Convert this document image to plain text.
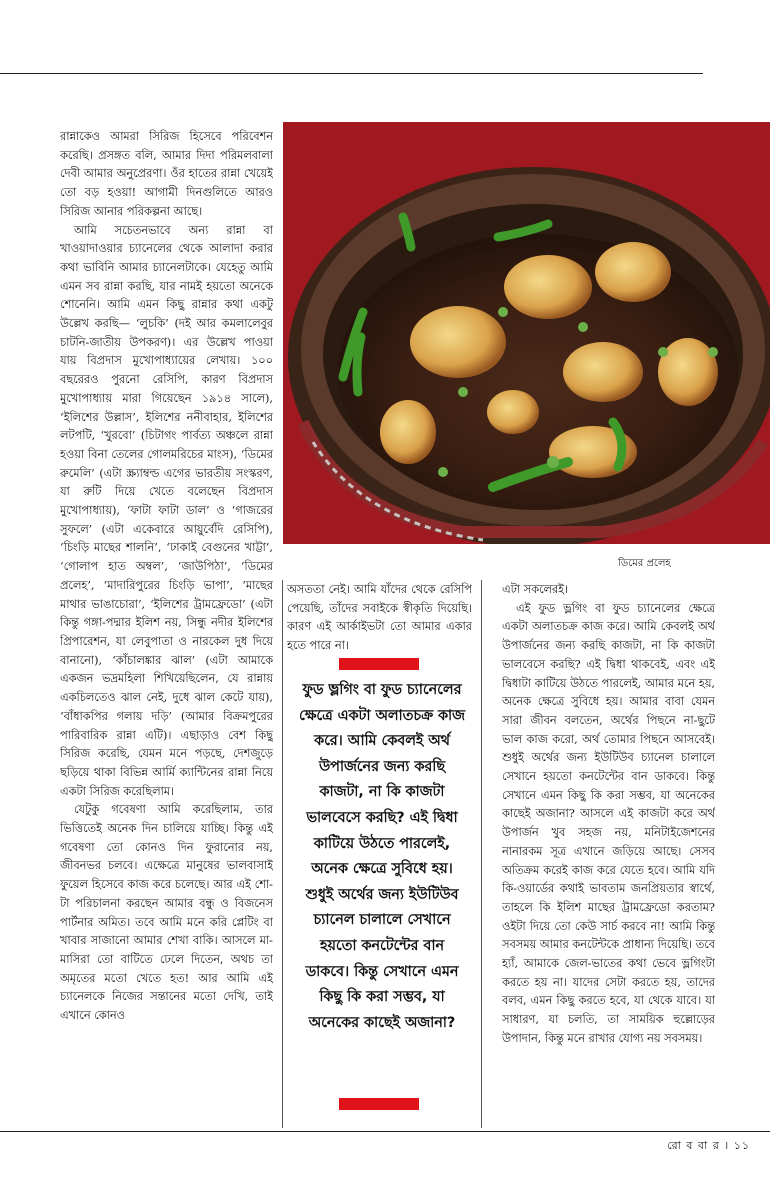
রান্নাকেও আমরা সিরিজ হিসেবে পরিবেশন করেছি। প্রসঙ্গত বলি, আমার দিদা পরিমলবালা দেবী আমার অনুপ্রেরণা। ওঁর হাতের রান্না খেয়েই তো বড় হওয়া! আগামী দিনগুলিতে আরও সিরিজ আনার পরিকল্পনা আছে।

আমি সচেতনভাবে অন্য রান্না বা খাওয়াদাওয়ার চ্যানেলের থেকে আলাদা করার কথা ভাবিনি আমার চ্যানেলটাকে। যেহেতু আমি এমন সব রান্না করছি, যার নামই হয়তো অনেকে শোনেনি। আমি এমন কিছু রান্নার কথা একটু উল্লেখ করছি— ‘লুচকি’ (দই আর কমলালেবুর চাটনি-জাতীয় উপকরণ)। এর উল্লেখ পাওয়া যায় বিপ্রদাস মুখোপাধ্যায়ের লেখায়। ১০০ বছরেরও পুরনো রেসিপি, কারণ বিপ্রদাস মুখোপাধ্যায় মারা গিয়েছেন ১৯১৪ সালে), ‘ইলিশের উল্লাস’, ইলিশের ননীবাহার, ইলিশের লটপটি, ‘খুরবো’ (চিটাগং পার্বত্য অঞ্চলে রান্না হওয়া বিনা তেলের গোলমরিচের মাংস), ‘ডিমের রুমেলি’ (এটা স্ক্র্যাম্বল্ড এগের ভারতীয় সংস্করণ, যা রুটি দিয়ে খেতে বলেছেন বিপ্রদাস মুখোপাধ্যায়), ‘ফাটা ফাটা ডাল’ ও ‘গাজরের সুফলে’ (এটা একেবারে আয়ুর্বেদি রেসিপি), ‘চিংড়ি মাছের শালনি’, ‘ঢাকাই বেগুনের খাট্টা’, ‘গোলাপ হাত অম্বল’, ‘জাউপিঠা’, ‘ডিমের প্রলেহ’, ‘মাদারিপুরের চিংড়ি ভাপা’, ‘মাছের মাথার ভাঙাচোরা’, ‘ইলিশের ট্রামফ্রেডো’ (এটা কিন্তু গঙ্গা-পদ্মার ইলিশ নয়, সিন্ধু নদীর ইলিশের প্রিপারেশন, যা লেবুপাতা ও নারকেল দুধ দিয়ে বানানো), ‘কাঁচালঙ্কার ঝাল’ (এটা আমাকে একজন ভদ্রমহিলা শিখিয়েছিলেন, যে রান্নায় একচিলতেও ঝাল নেই, দুধে ঝাল কেটে যায়), ‘বাঁধাকপির গলায় দড়ি’ (আমার বিক্রমপুরের পারিবারিক রান্না এটি)। এছাড়াও বেশ কিছু সিরিজ করেছি, যেমন মনে পড়ছে, দেশজুড়ে ছড়িয়ে থাকা বিভিন্ন আর্মি ক্যান্টিনের রান্না নিয়ে একটা সিরিজ করেছিলাম।

যেটুকু গবেষণা আমি করেছিলাম, তার ভিত্তিতেই অনেক দিন চালিয়ে যাচ্ছি। কিন্তু এই গবেষণা তো কোনও দিন ফুরানোর নয়, জীবনভর চলবে। এক্ষেত্রে মানুষের ভালবাসাই ফুয়েল হিসেবে কাজ করে চলেছে। আর এই শো-টা পরিচালনা করছেন আমার বন্ধু ও বিজনেস পার্টনার অমিত। তবে আমি মনে করি প্লেটিং বা খাবার সাজানো আমার শেখা বাকি। আসলে মা-মাসিরা তো বাটিতে ঢেলে দিতেন, অথচ তা অমৃতের মতো খেতে হত! আর আমি এই চ্যানেলকে নিজের সন্তানের মতো দেখি, তাই এখানে কোনও

ডিমের প্রলেহ

অসততা নেই। আমি যাঁদের থেকে রেসিপি পেয়েছি, তাঁদের সবাইকে স্বীকৃতি দিয়েছি। কারণ এই আর্কাইভটা তো আমার একার হতে পারে না।

ফুড ভ্লগিং বা ফুড চ্যানেলের ক্ষেত্রে একটা অলাতচক্র কাজ করে। আমি কেবলই অর্থ উপার্জনের জন্য করছি কাজটা, না কি কাজটা ভালবেসে করছি? এই দ্বিধা কাটিয়ে উঠতে পারলেই, অনেক ক্ষেত্রে সুবিধে হয়। শুধুই অর্থের জন্য ইউটিউব চ্যানেল চালালে সেখানে হয়তো কনটেন্টের বান ডাকবে। কিন্তু সেখানে এমন কিছু কি করা সম্ভব, যা অনেকের কাছেই অজানা?

এটা সকলেরই।

এই ফুড ভ্লগিং বা ফুড চ্যানেলের ক্ষেত্রে একটা অলাতচক্র কাজ করে। আমি কেবলই অর্থ উপার্জনের জন্য করছি কাজটা, না কি কাজটা ভালবেসে করছি? এই দ্বিধা থাকবেই, এবং এই দ্বিধাটা কাটিয়ে উঠতে পারলেই, আমার মনে হয়, অনেক ক্ষেত্রে সুবিধে হয়। আমার বাবা যেমন সারা জীবন বলতেন, অর্থের পিছনে না-ছুটে ভাল কাজ করো, অর্থ তোমার পিছনে আসবেই। শুধুই অর্থের জন্য ইউটিউব চ্যানেল চালালে সেখানে হয়তো কনটেন্টের বান ডাকবে। কিন্তু সেখানে এমন কিছু কি করা সম্ভব, যা অনেকের কাছেই অজানা? আসলে এই কাজটা করে অর্থ উপার্জন খুব সহজ নয়, মনিটাইজেশনের নানারকম সূত্র এখানে জড়িয়ে আছে। সেসব অতিক্রম করেই কাজ করে যেতে হবে। আমি যদি কি-ওয়ার্ডের কথাই ভাবতাম জনপ্রিয়তার স্বার্থে, তাহলে কি ইলিশ মাছের ট্রামফ্রেডো করতাম? ওইটা দিয়ে তো কেউ সার্চ করবে না! আমি কিন্তু সবসময় আমার কনটেন্টকে প্রাধান্য দিয়েছি। তবে হ্যাঁ, আমাকে জেল-ভাতের কথা ভেবে ভ্লগিংটা করতে হয় না। যাদের সেটা করতে হয়, তাদের বলব, এমন কিছু করতে হবে, যা থেকে যাবে। যা সাধারণ, যা চলতি, তা সাময়িক হুল্লোড়ের উপাদান, কিন্তু মনে রাখার যোগ্য নয় সবসময়।

রো ব বা র । ১১
